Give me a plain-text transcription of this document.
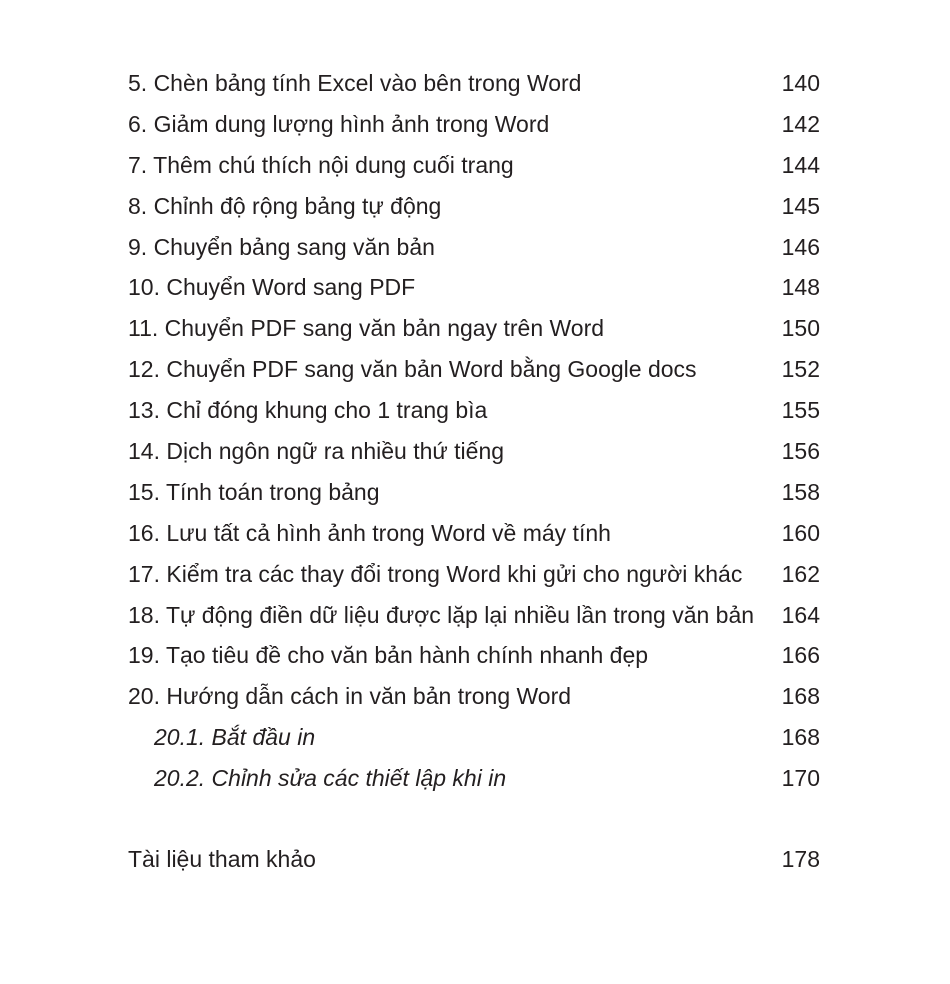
5. Chèn bảng tính Excel vào bên trong Word	140
6. Giảm dung lượng hình ảnh trong Word	142
7. Thêm chú thích nội dung cuối trang	144
8. Chỉnh độ rộng bảng tự động	145
9. Chuyển bảng sang văn bản	146
10. Chuyển Word sang PDF	148
11. Chuyển PDF sang văn bản ngay trên Word	150
12. Chuyển PDF sang văn bản Word bằng Google docs	152
13. Chỉ đóng khung cho 1 trang bìa	155
14. Dịch ngôn ngữ ra nhiều thứ tiếng	156
15. Tính toán trong bảng	158
16. Lưu tất cả hình ảnh trong Word về máy tính	160
17. Kiểm tra các thay đổi trong Word khi gửi cho người khác 162
18. Tự động điền dữ liệu được lặp lại nhiều lần trong văn bản 164
19. Tạo tiêu đề cho văn bản hành chính nhanh đẹp	166
20. Hướng dẫn cách in văn bản trong Word	168
20.1. Bắt đầu in	168
20.2. Chỉnh sửa các thiết lập khi in	170
Tài liệu tham khảo	178
